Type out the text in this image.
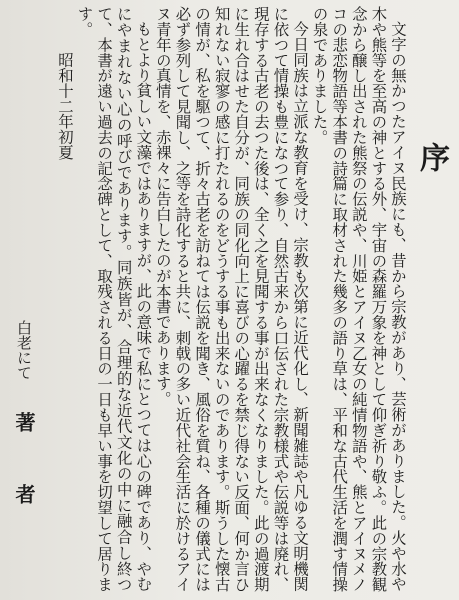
序

文字の無かつたアイヌ民族にも、昔から宗教があり、芸術がありました。火や水や木や熊等を至高の神とする外、宇宙の森羅万象を神として仰ぎ祈り敬ふ。此の宗教観念から醸し出された熊祭の伝説や、川姫とアイヌ乙女の純情物語や、熊とアイヌメノコの悲恋物語等本書の詩篇に取材された幾多の語り草は、平和な古代生活を潤す情操の泉でありました。

今日同族は立派な教育を受け、宗教も次第に近代化し、新聞雑誌や凡ゆる文明機関に依つて情操も豊になつて参り、自然古来から口伝された宗教様式や伝説等は廃れ、現存する古老の去つた後は、全く之を見聞する事が出来なくなりました。此の過渡期に生れ合はせた自分が、同族の同化向上に喜びの心躍るを禁じ得ない反面、何か言ひ知れない寂寥の感に打たれるのをどうする事も出来ないのであります。斯うした懐古の情が、私を駆つて、折々古老を訪ねては伝説を聞き、風俗を質ね、各種の儀式には必ず参列して見聞し、之等を詩化すると共に、刺戟の多い近代社会生活に於けるアイヌ青年の真情を、赤裸々に告白したのが本書であります。

もとより貧しい文藻ではありますが、此の意味で私にとつては心の碑であり、やむにやまれない心の呼びであります。同族皆が、合理的な近代文化の中に融合し終つて、本書が遠い過去の記念碑として、取残される日の一日も早い事を切望して居ります。

昭和十二年初夏

白老にて
著者
